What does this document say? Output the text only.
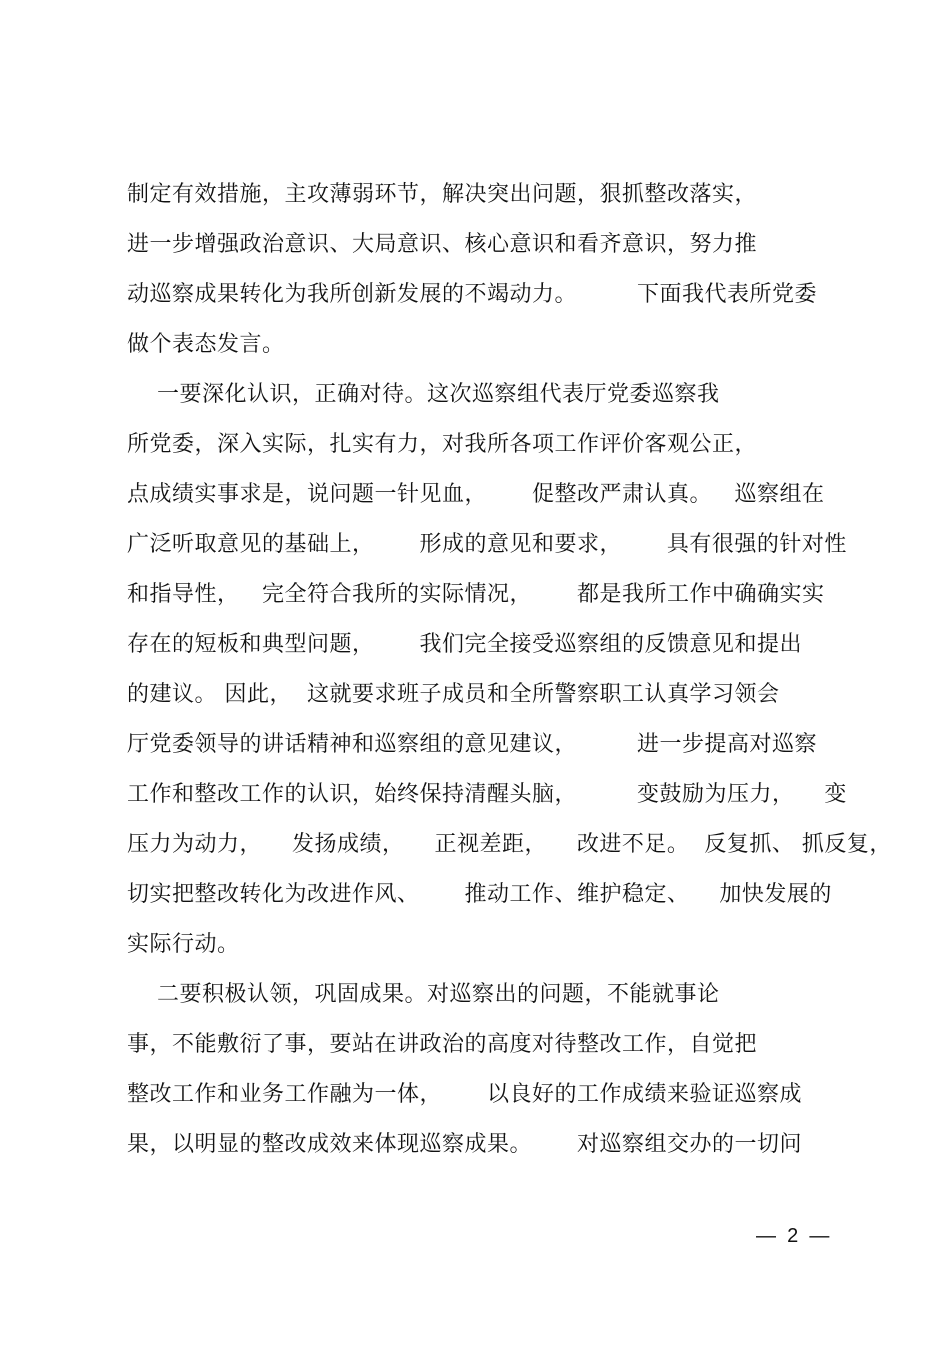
制定有效措施，主攻薄弱环节，解决突出问题，狠抓整改落实，
进一步增强政治意识、大局意识、核心意识和看齐意识，努力推
动巡察成果转化为我所创新发展的不竭动力。        下面我代表所党委
做个表态发言。
一要深化认识，正确对待。这次巡察组代表厅党委巡察我
所党委，深入实际，扎实有力，对我所各项工作评价客观公正，
点成绩实事求是，说问题一针见血，      促整改严肃认真。   巡察组在
广泛听取意见的基础上，      形成的意见和要求，      具有很强的针对性
和指导性，   完全符合我所的实际情况，      都是我所工作中确确实实
存在的短板和典型问题，      我们完全接受巡察组的反馈意见和提出
的建议。 因此，  这就要求班子成员和全所警察职工认真学习领会
厅党委领导的讲话精神和巡察组的意见建议，        进一步提高对巡察
工作和整改工作的认识，始终保持清醒头脑，        变鼓励为压力，    变
压力为动力，    发扬成绩，    正视差距，    改进不足。  反复抓、 抓反复，
切实把整改转化为改进作风、      推动工作、维护稳定、    加快发展的
实际行动。
二要积极认领，巩固成果。对巡察出的问题，不能就事论
事，不能敷衍了事，要站在讲政治的高度对待整改工作，自觉把
整改工作和业务工作融为一体，      以良好的工作成绩来验证巡察成
果，以明显的整改成效来体现巡察成果。      对巡察组交办的一切问
—  2  —
